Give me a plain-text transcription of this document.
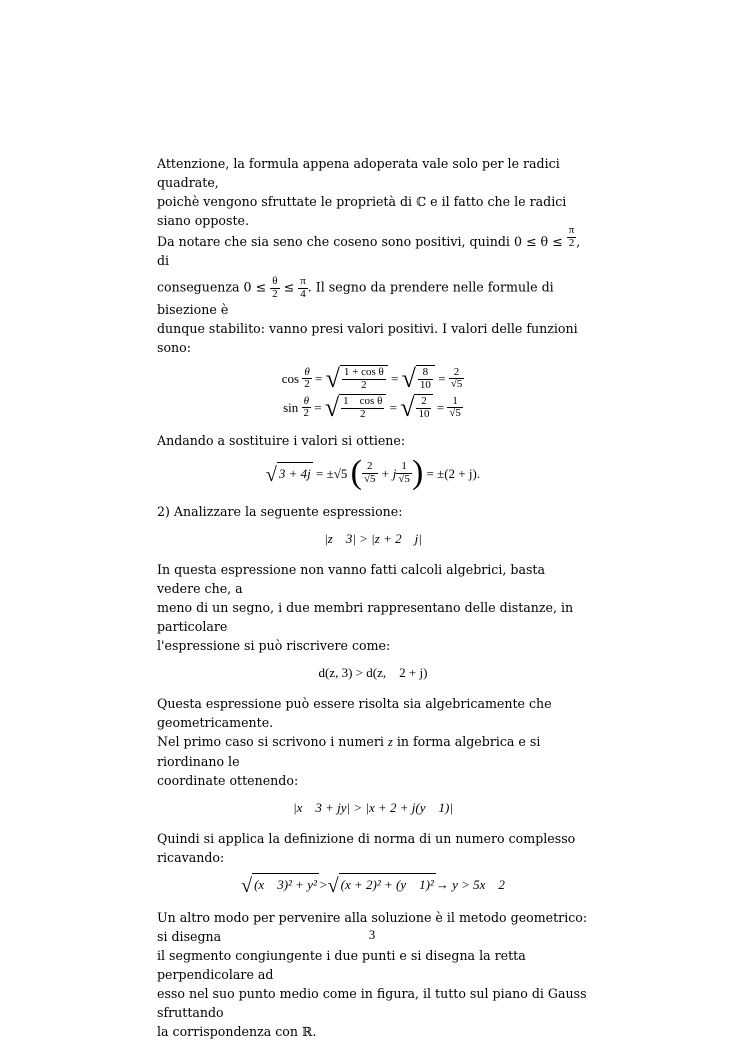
Attenzione, la formula appena adoperata vale solo per le radici quadrate,

poichè vengono sfruttate le proprietà di ℂ e il fatto che le radici siano opposte.

Da notare che sia seno che coseno sono positivi, quindi $0 \le \theta \le \frac{\pi}{2}$ , di

conseguenza $0 \le \frac{\theta}{2} \le \frac{\pi}{4}$ . Il segno da prendere nelle formule di bisezione è

dunque stabilito: vanno presi valori positivi. I valori delle funzioni sono:

cos
$\frac{\theta}{2}$ = √ $\frac{\text{1 + cos θ}}{2}$ = √ $\frac{8}{10} = \frac{2}{√5}$
sin
$\frac{\theta}{2}$ = √ $\frac{\text{1    cos θ}}{2}$ = √ $\frac{2}{10} = \frac{1}{√5}$

Andando a sostituire i valori si ottiene:

√ 3 + 4j
= ±√5
( $\frac{2}{√5}$
+ j $\frac{1}{√5}$ )
= ±(2 + j).

2) Analizzare la seguente espressione:

|z    3| > |z + 2    j|

In questa espressione non vanno fatti calcoli algebrici, basta vedere che, a

meno di un segno, i due membri rappresentano delle distanze, in particolare

l'espressione si può riscrivere come:

d(z, 3) > d(z,    2 + j)

Questa espressione può essere risolta sia algebricamente che geometricamente.

Nel primo caso si scrivono i numeri z in forma algebrica e si riordinano le

coordinate ottenendo:

|x    3 + jy| > |x + 2 + j(y    1)|

Quindi si applica la definizione di norma di un numero complesso ricavando:

√ (x    3)² + y² > √ (x + 2)² + (y    1)² → y > 5x    2

Un altro modo per pervenire alla soluzione è il metodo geometrico: si disegna

il segmento congiungente i due punti e si disegna la retta perpendicolare ad

esso nel suo punto medio come in figura, il tutto sul piano di Gauss sfruttando

la corrispondenza con ℝ.

3
